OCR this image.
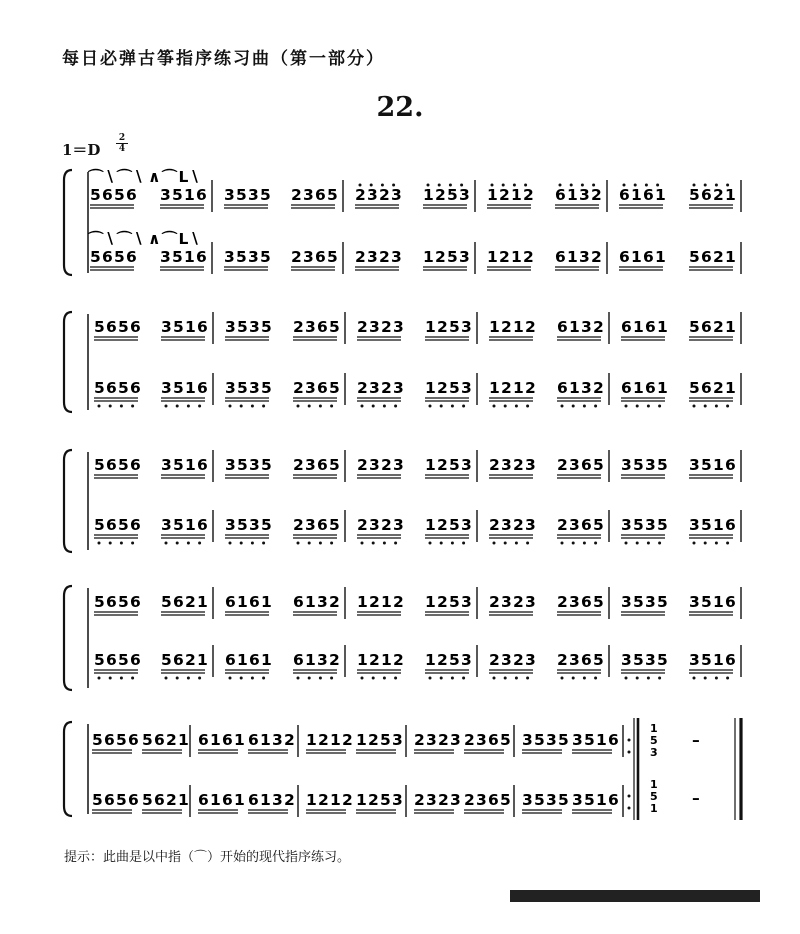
每日必弹古筝指序练习曲（第一部分）
22.
$1=D \frac{2}{4}$
5656
5656
3516
3516
3535
3535
2365
2365
2323
2323
1253
1253
1212
1212
6132
6132
6161
6161
5621
5621
5656
5656
3516
3516
3535
3535
2365
2365
2323
2323
1253
1253
1212
1212
6132
6132
6161
6161
5621
5621
5656
5656
3516
3516
3535
3535
2365
2365
2323
2323
1253
1253
2323
2323
2365
2365
3535
3535
3516
3516
5656
5656
5621
5621
6161
6161
6132
6132
1212
1212
1253
1253
2323
2323
2365
2365
3535
3535
3516
3516
⌒∖⌒∖ ∧⌒L∖
⌒∖⌒∖ ∧⌒L∖
5656
5656
5621
5621
6161
6161
6132
6132
1212
1212
1253
1253
2323
2323
2365
2365
3535
3535
3516
3516
1
1
5
5
3
1
–
–
提示：此曲是以中指（⌒）开始的现代指序练习。
